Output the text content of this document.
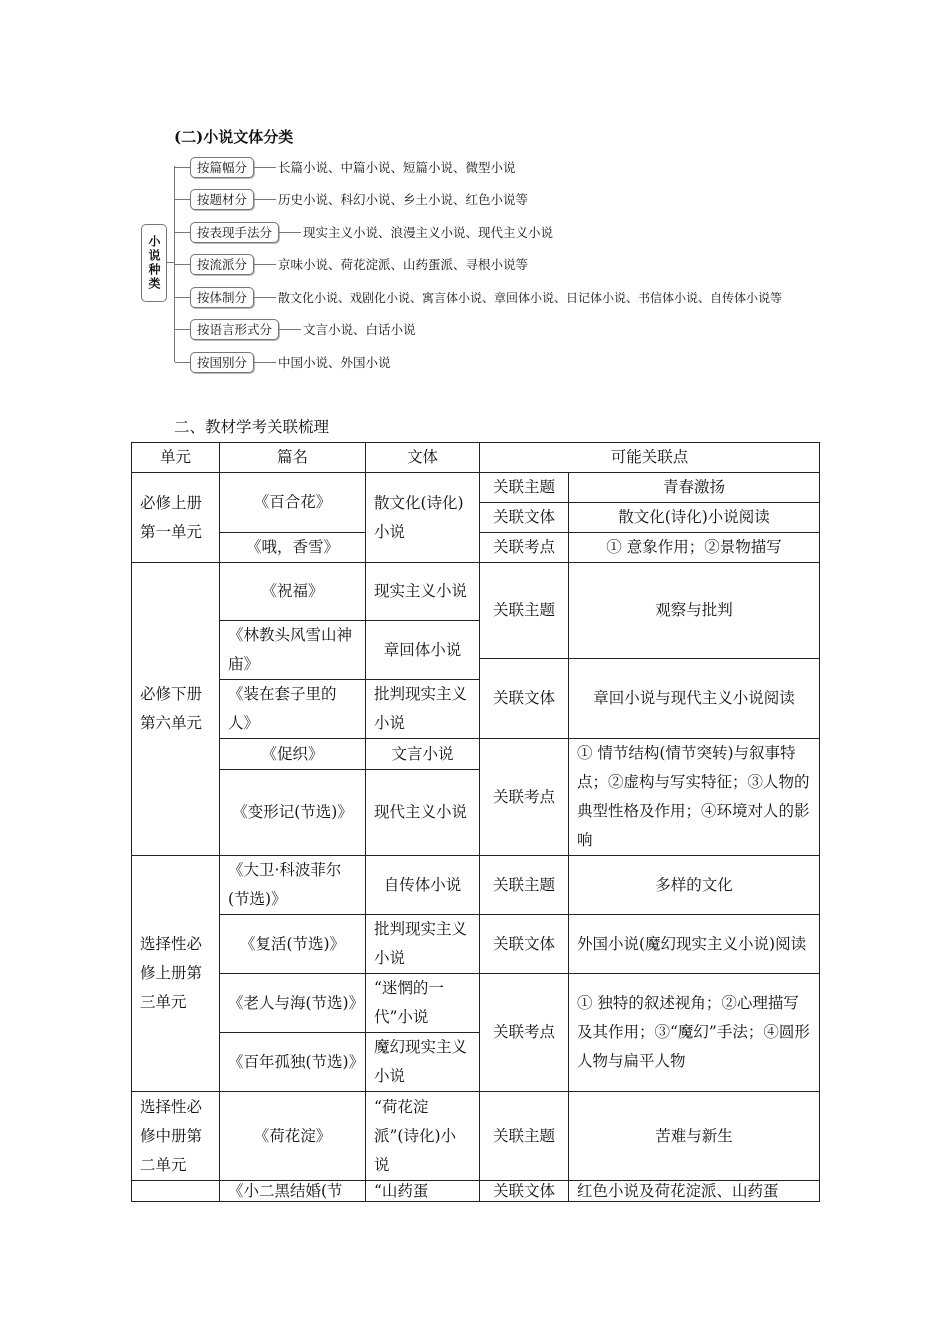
(二)小说文体分类
小说种类
按篇幅分	长篇小说、中篇小说、短篇小说、微型小说
按题材分	历史小说、科幻小说、乡土小说、红色小说等
按表现手法分	现实主义小说、浪漫主义小说、现代主义小说
按流派分	京味小说、荷花淀派、山药蛋派、寻根小说等
按体制分	散文化小说、戏剧化小说、寓言体小说、章回体小说、日记体小说、书信体小说、自传体小说等
按语言形式分	文言小说、白话小说
按国别分	中国小说、外国小说

二、教材学考关联梳理

单元	篇名	文体	可能关联点	
必修上册第一单元	《百合花》	散文化(诗化)小说	关联主题	青春激扬
			关联文体	散文化(诗化)小说阅读
	《哦，香雪》		关联考点	① 意象作用；②景物描写
必修下册第六单元	《祝福》	现实主义小说	关联主题	观察与批判
	《林教头风雪山神庙》	章回体小说		
			关联文体	章回小说与现代主义小说阅读
	《装在套子里的人》	批判现实主义小说		
	《促织》	文言小说	关联考点	① 情节结构(情节突转)与叙事特点；②虚构与写实特征；③人物的典型性格及作用；④环境对人的影响
	《变形记(节选)》	现代主义小说		
选择性必修上册第三单元	《大卫·科波菲尔(节选)》	自传体小说	关联主题	多样的文化
	《复活(节选)》	批判现实主义小说	关联文体	外国小说(魔幻现实主义小说)阅读
	《老人与海(节选)》	“迷惘的一代”小说	关联考点	① 独特的叙述视角；②心理描写及其作用；③“魔幻”手法；④圆形人物与扁平人物
	《百年孤独(节选)》	魔幻现实主义小说		
选择性必修中册第二单元	《荷花淀》	“荷花淀派”(诗化)小说	关联主题	苦难与新生
	《小二黑结婚(节	“山药蛋	关联文体	红色小说及荷花淀派、山药蛋
